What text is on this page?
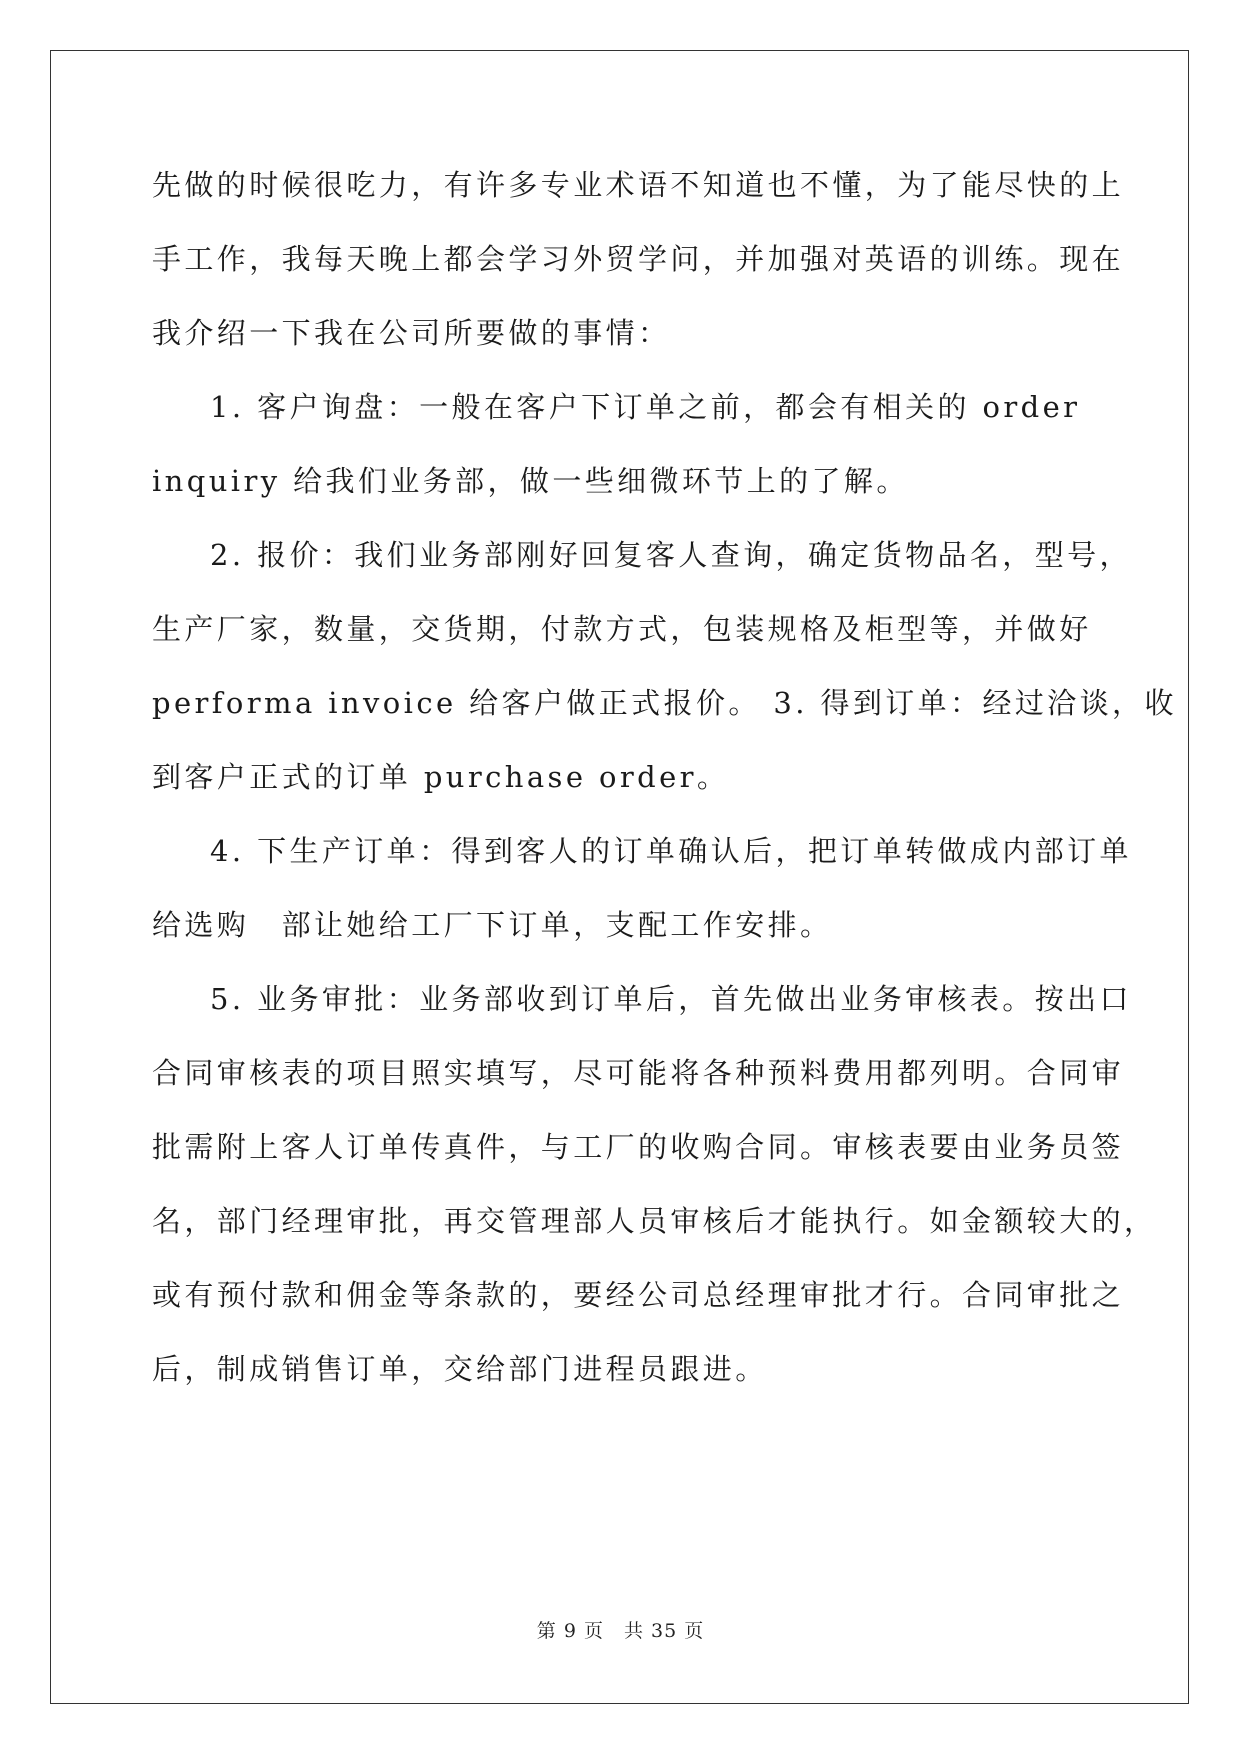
先做的时候很吃力，有许多专业术语不知道也不懂，为了能尽快的上
手工作，我每天晚上都会学习外贸学问，并加强对英语的训练。现在
我介绍一下我在公司所要做的事情：
1. 客户询盘：一般在客户下订单之前，都会有相关的 order
inquiry 给我们业务部，做一些细微环节上的了解。
2. 报价：我们业务部刚好回复客人查询，确定货物品名，型号，
生产厂家，数量，交货期，付款方式，包装规格及柜型等，并做好
performa invoice 给客户做正式报价。 3. 得到订单：经过洽谈，收
到客户正式的订单 purchase order。
4. 下生产订单：得到客人的订单确认后，把订单转做成内部订单
给选购　部让她给工厂下订单，支配工作安排。
5. 业务审批：业务部收到订单后，首先做出业务审核表。按出口
合同审核表的项目照实填写，尽可能将各种预料费用都列明。合同审
批需附上客人订单传真件，与工厂的收购合同。审核表要由业务员签
名，部门经理审批，再交管理部人员审核后才能执行。如金额较大的，
或有预付款和佣金等条款的，要经公司总经理审批才行。合同审批之
后，制成销售订单，交给部门进程员跟进。
第 9 页　共 35 页
